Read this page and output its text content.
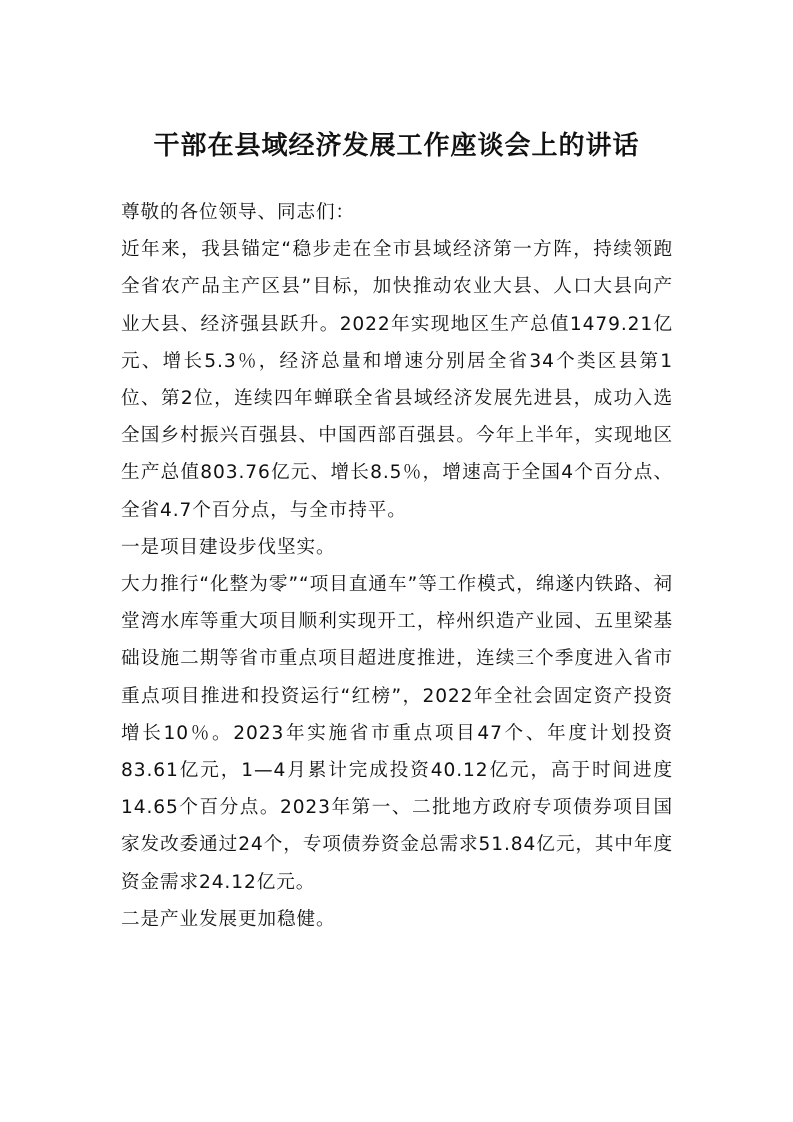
干部在县域经济发展工作座谈会上的讲话

尊敬的各位领导、同志们：

近年来，我县锚定“稳步走在全市县域经济第一方阵，持续领跑全省农产品主产区县”目标，加快推动农业大县、人口大县向产业大县、经济强县跃升。2022年实现地区生产总值1479.21亿元、增长5.3％，经济总量和增速分别居全省34个类区县第1位、第2位，连续四年蝉联全省县域经济发展先进县，成功入选全国乡村振兴百强县、中国西部百强县。今年上半年，实现地区生产总值803.76亿元、增长8.5％，增速高于全国4个百分点、全省4.7个百分点，与全市持平。

一是项目建设步伐坚实。

大力推行“化整为零”“项目直通车”等工作模式，绵遂内铁路、祠堂湾水库等重大项目顺利实现开工，梓州织造产业园、五里梁基础设施二期等省市重点项目超进度推进，连续三个季度进入省市重点项目推进和投资运行“红榜”，2022年全社会固定资产投资增长10％。2023年实施省市重点项目47个、年度计划投资83.61亿元，1—4月累计完成投资40.12亿元，高于时间进度14.65个百分点。2023年第一、二批地方政府专项债券项目国家发改委通过24个，专项债券资金总需求51.84亿元，其中年度资金需求24.12亿元。

二是产业发展更加稳健。
